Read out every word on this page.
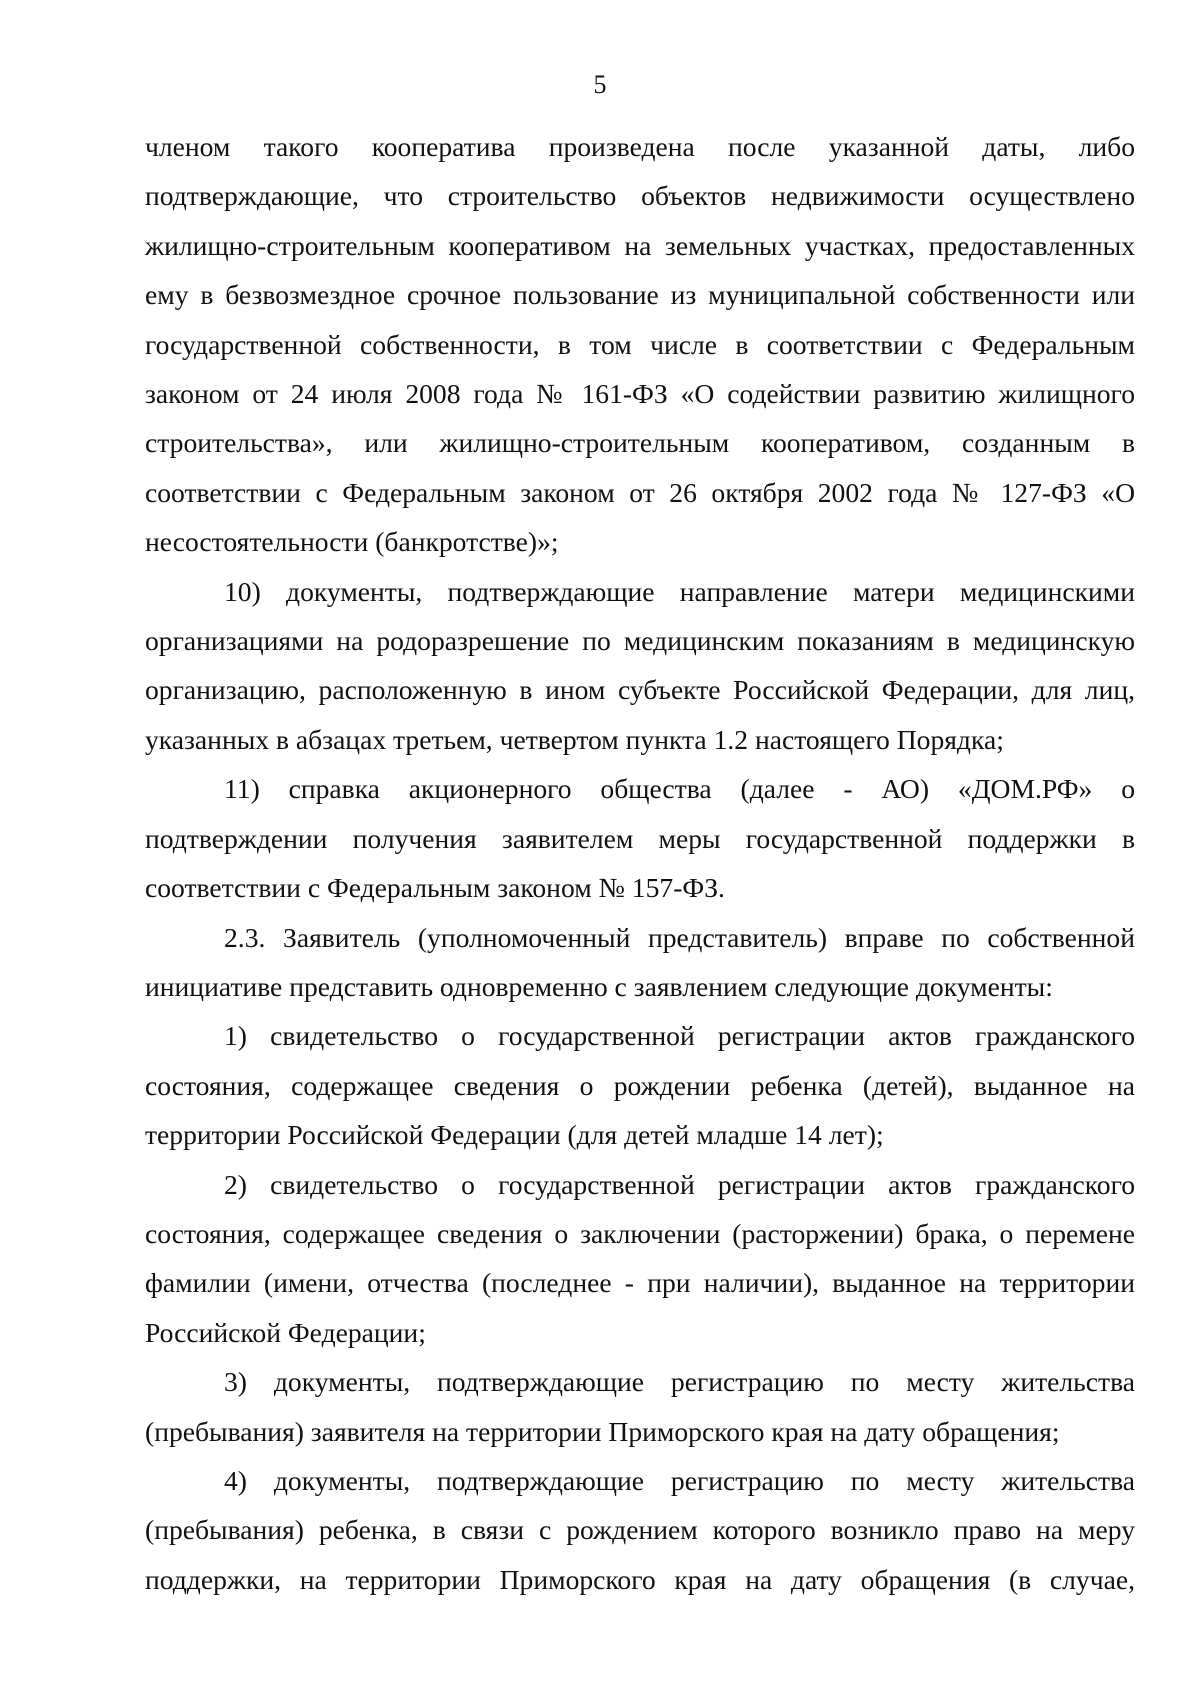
5

членом такого кооператива произведена после указанной даты, либо подтверждающие, что строительство объектов недвижимости осуществлено жилищно-строительным кооперативом на земельных участках, предоставленных ему в безвозмездное срочное пользование из муниципальной собственности или государственной собственности, в том числе в соответствии с Федеральным законом от 24 июля 2008 года № 161-ФЗ «О содействии развитию жилищного строительства», или жилищно-строительным кооперативом, созданным в соответствии с Федеральным законом от 26 октября 2002 года № 127-ФЗ «О несостоятельности (банкротстве)»;

10) документы, подтверждающие направление матери медицинскими организациями на родоразрешение по медицинским показаниям в медицинскую организацию, расположенную в ином субъекте Российской Федерации, для лиц, указанных в абзацах третьем, четвертом пункта 1.2 настоящего Порядка;

11) справка акционерного общества (далее - АО) «ДОМ.РФ» о подтверждении получения заявителем меры государственной поддержки в соответствии с Федеральным законом № 157-ФЗ.

2.3. Заявитель (уполномоченный представитель) вправе по собственной инициативе представить одновременно с заявлением следующие документы:

1) свидетельство о государственной регистрации актов гражданского состояния, содержащее сведения о рождении ребенка (детей), выданное на территории Российской Федерации (для детей младше 14 лет);

2) свидетельство о государственной регистрации актов гражданского состояния, содержащее сведения о заключении (расторжении) брака, о перемене фамилии (имени, отчества (последнее - при наличии), выданное на территории Российской Федерации;

3) документы, подтверждающие регистрацию по месту жительства (пребывания) заявителя на территории Приморского края на дату обращения;

4) документы, подтверждающие регистрацию по месту жительства (пребывания) ребенка, в связи с рождением которого возникло право на меру поддержки, на территории Приморского края на дату обращения (в случае,
